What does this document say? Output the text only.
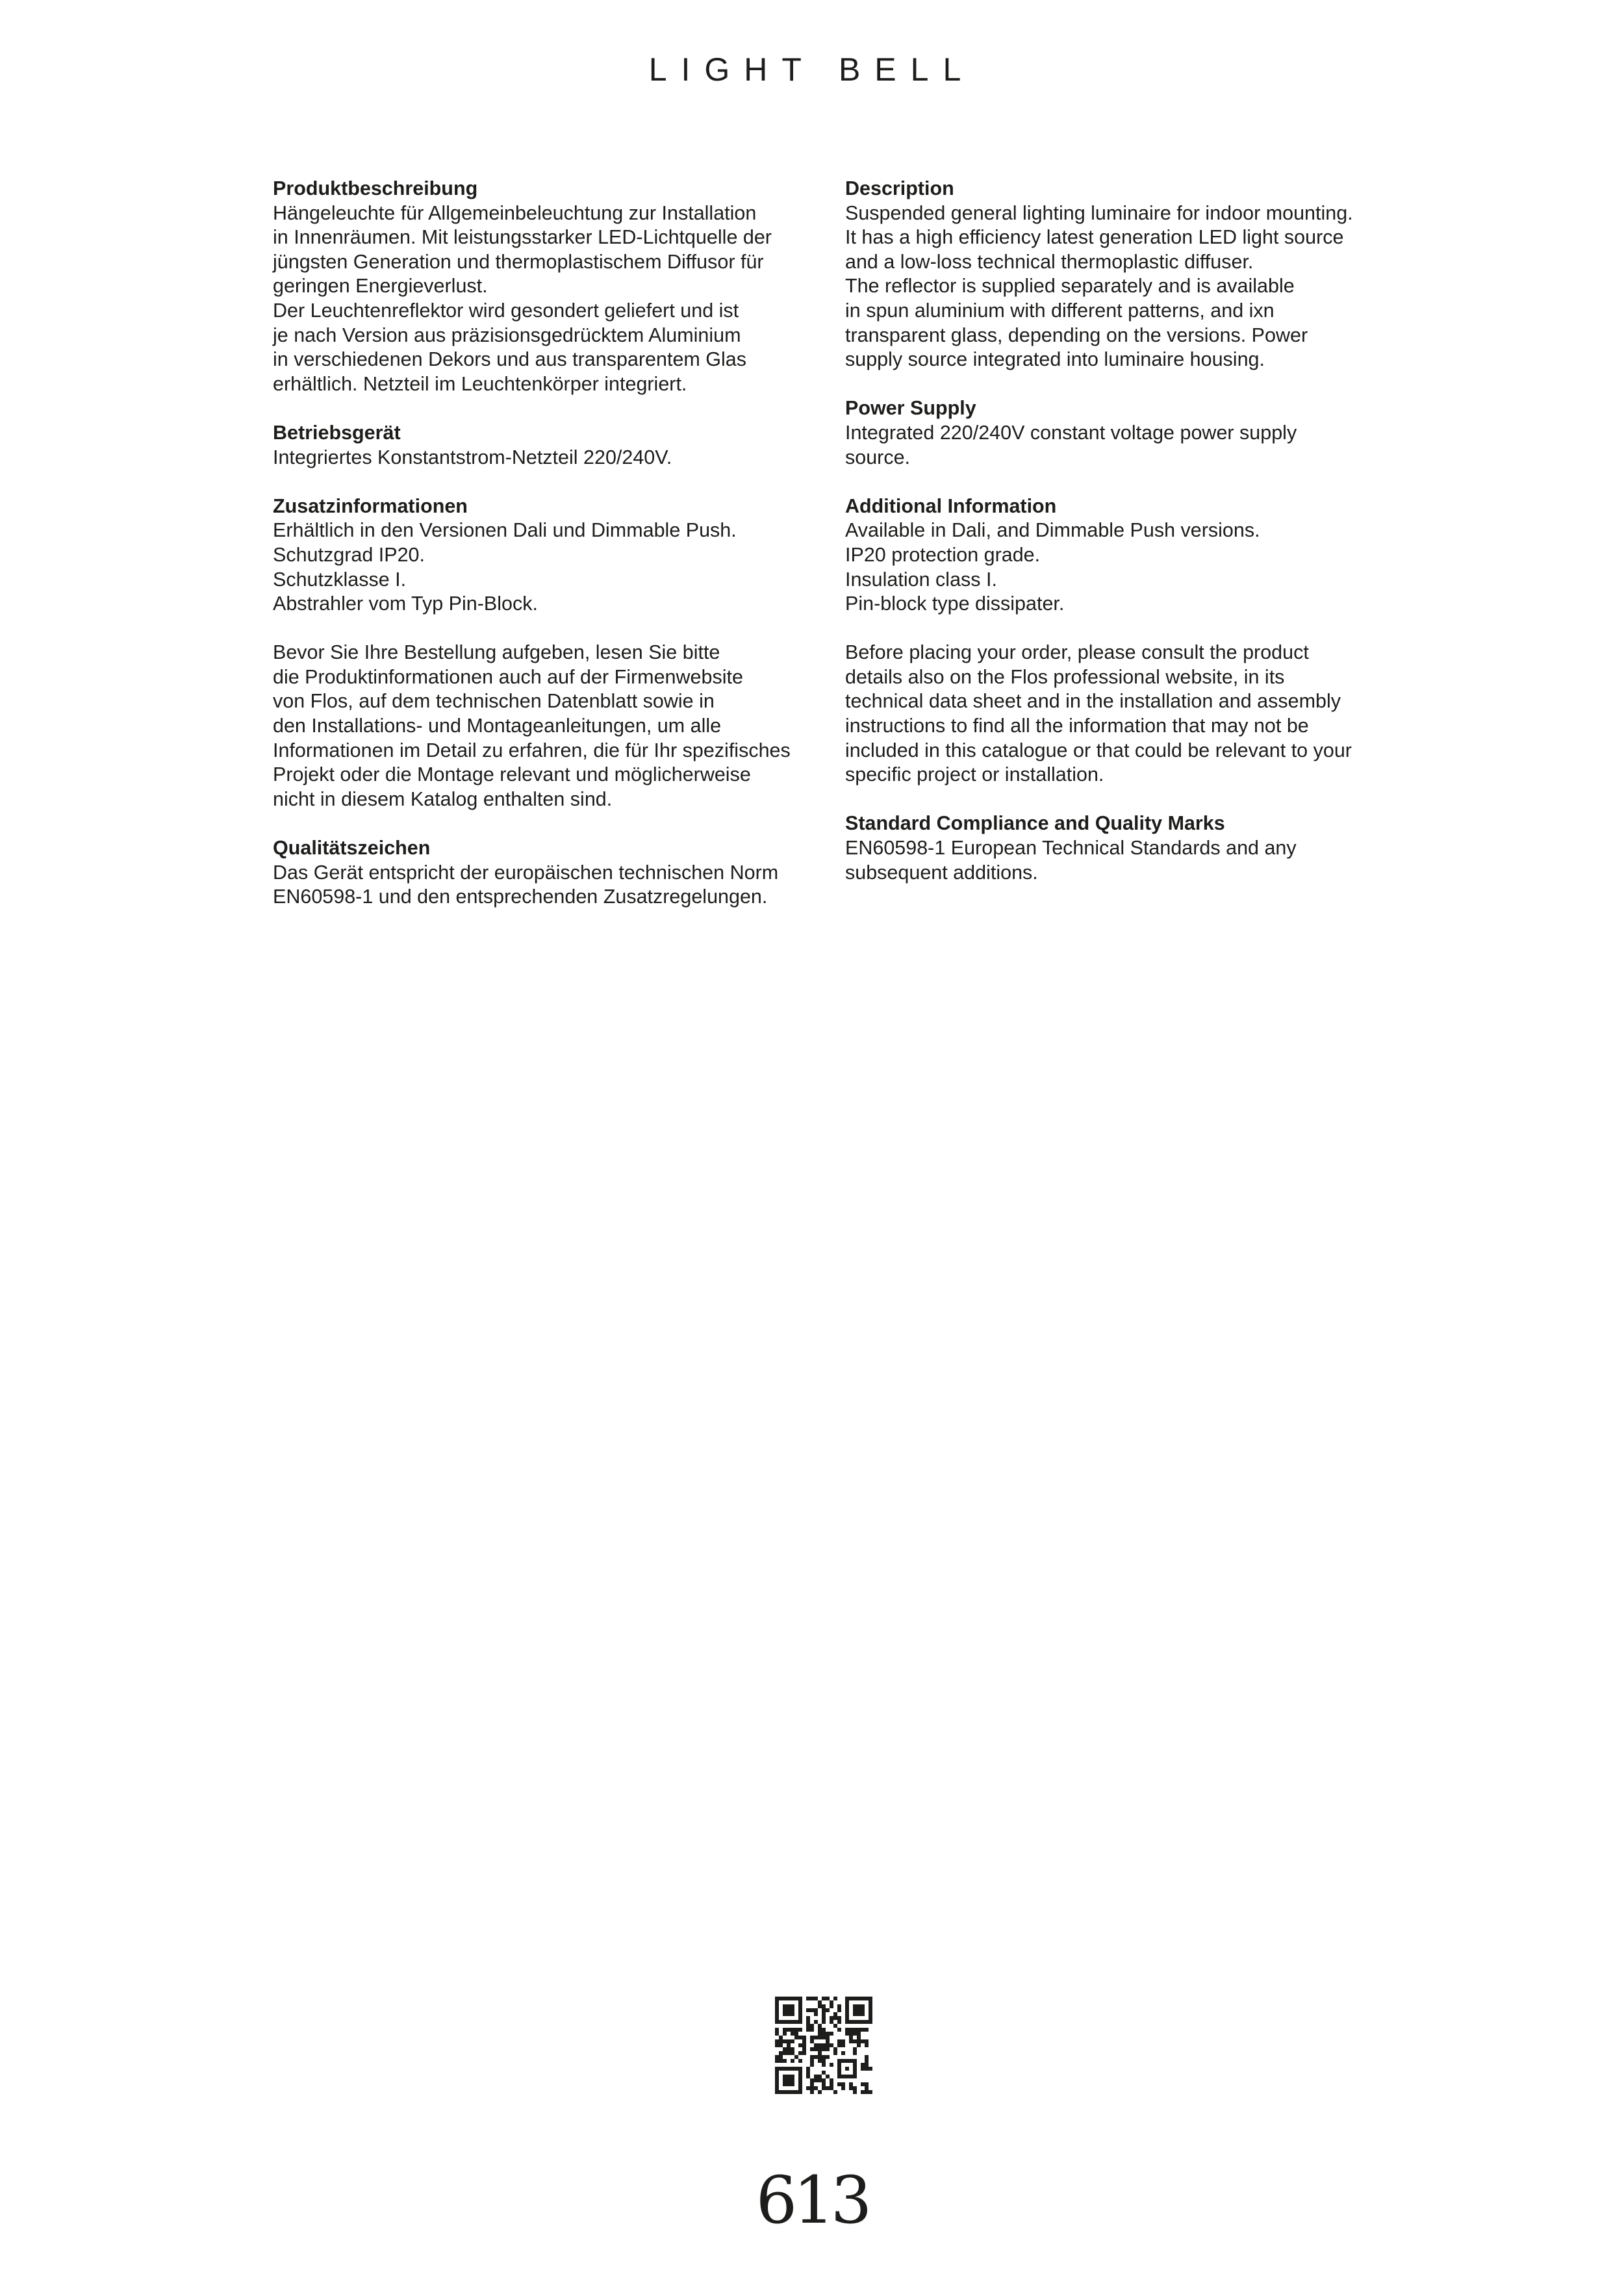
LIGHT BELL
Produktbeschreibung
Hängeleuchte für Allgemeinbeleuchtung zur Installation
in Innenräumen. Mit leistungsstarker LED-Lichtquelle der
jüngsten Generation und thermoplastischem Diffusor für
geringen Energieverlust.
Der Leuchtenreflektor wird gesondert geliefert und ist
je nach Version aus präzisionsgedrücktem Aluminium
in verschiedenen Dekors und aus transparentem Glas
erhältlich. Netzteil im Leuchtenkörper integriert.
Betriebsgerät
Integriertes Konstantstrom-Netzteil 220/240V.
Zusatzinformationen
Erhältlich in den Versionen Dali und Dimmable Push.
Schutzgrad IP20.
Schutzklasse I.
Abstrahler vom Typ Pin-Block.
Bevor Sie Ihre Bestellung aufgeben, lesen Sie bitte
die Produktinformationen auch auf der Firmenwebsite
von Flos, auf dem technischen Datenblatt sowie in
den Installations- und Montageanleitungen, um alle
Informationen im Detail zu erfahren, die für Ihr spezifisches
Projekt oder die Montage relevant und möglicherweise
nicht in diesem Katalog enthalten sind.
Qualitätszeichen
Das Gerät entspricht der europäischen technischen Norm
EN60598-1 und den entsprechenden Zusatzregelungen.
Description
Suspended general lighting luminaire for indoor mounting.
It has a high efficiency latest generation LED light source
and a low-loss technical thermoplastic diffuser.
The reflector is supplied separately and is available
in spun aluminium with different patterns, and ixn
transparent glass, depending on the versions. Power
supply source integrated into luminaire housing.
Power Supply
Integrated 220/240V constant voltage power supply
source.
Additional Information
Available in Dali, and Dimmable Push versions.
IP20 protection grade.
Insulation class I.
Pin-block type dissipater.
Before placing your order, please consult the product
details also on the Flos professional website, in its
technical data sheet and in the installation and assembly
instructions to find all the information that may not be
included in this catalogue or that could be relevant to your
specific project or installation.
Standard Compliance and Quality Marks
EN60598-1 European Technical Standards and any
subsequent additions.
613
